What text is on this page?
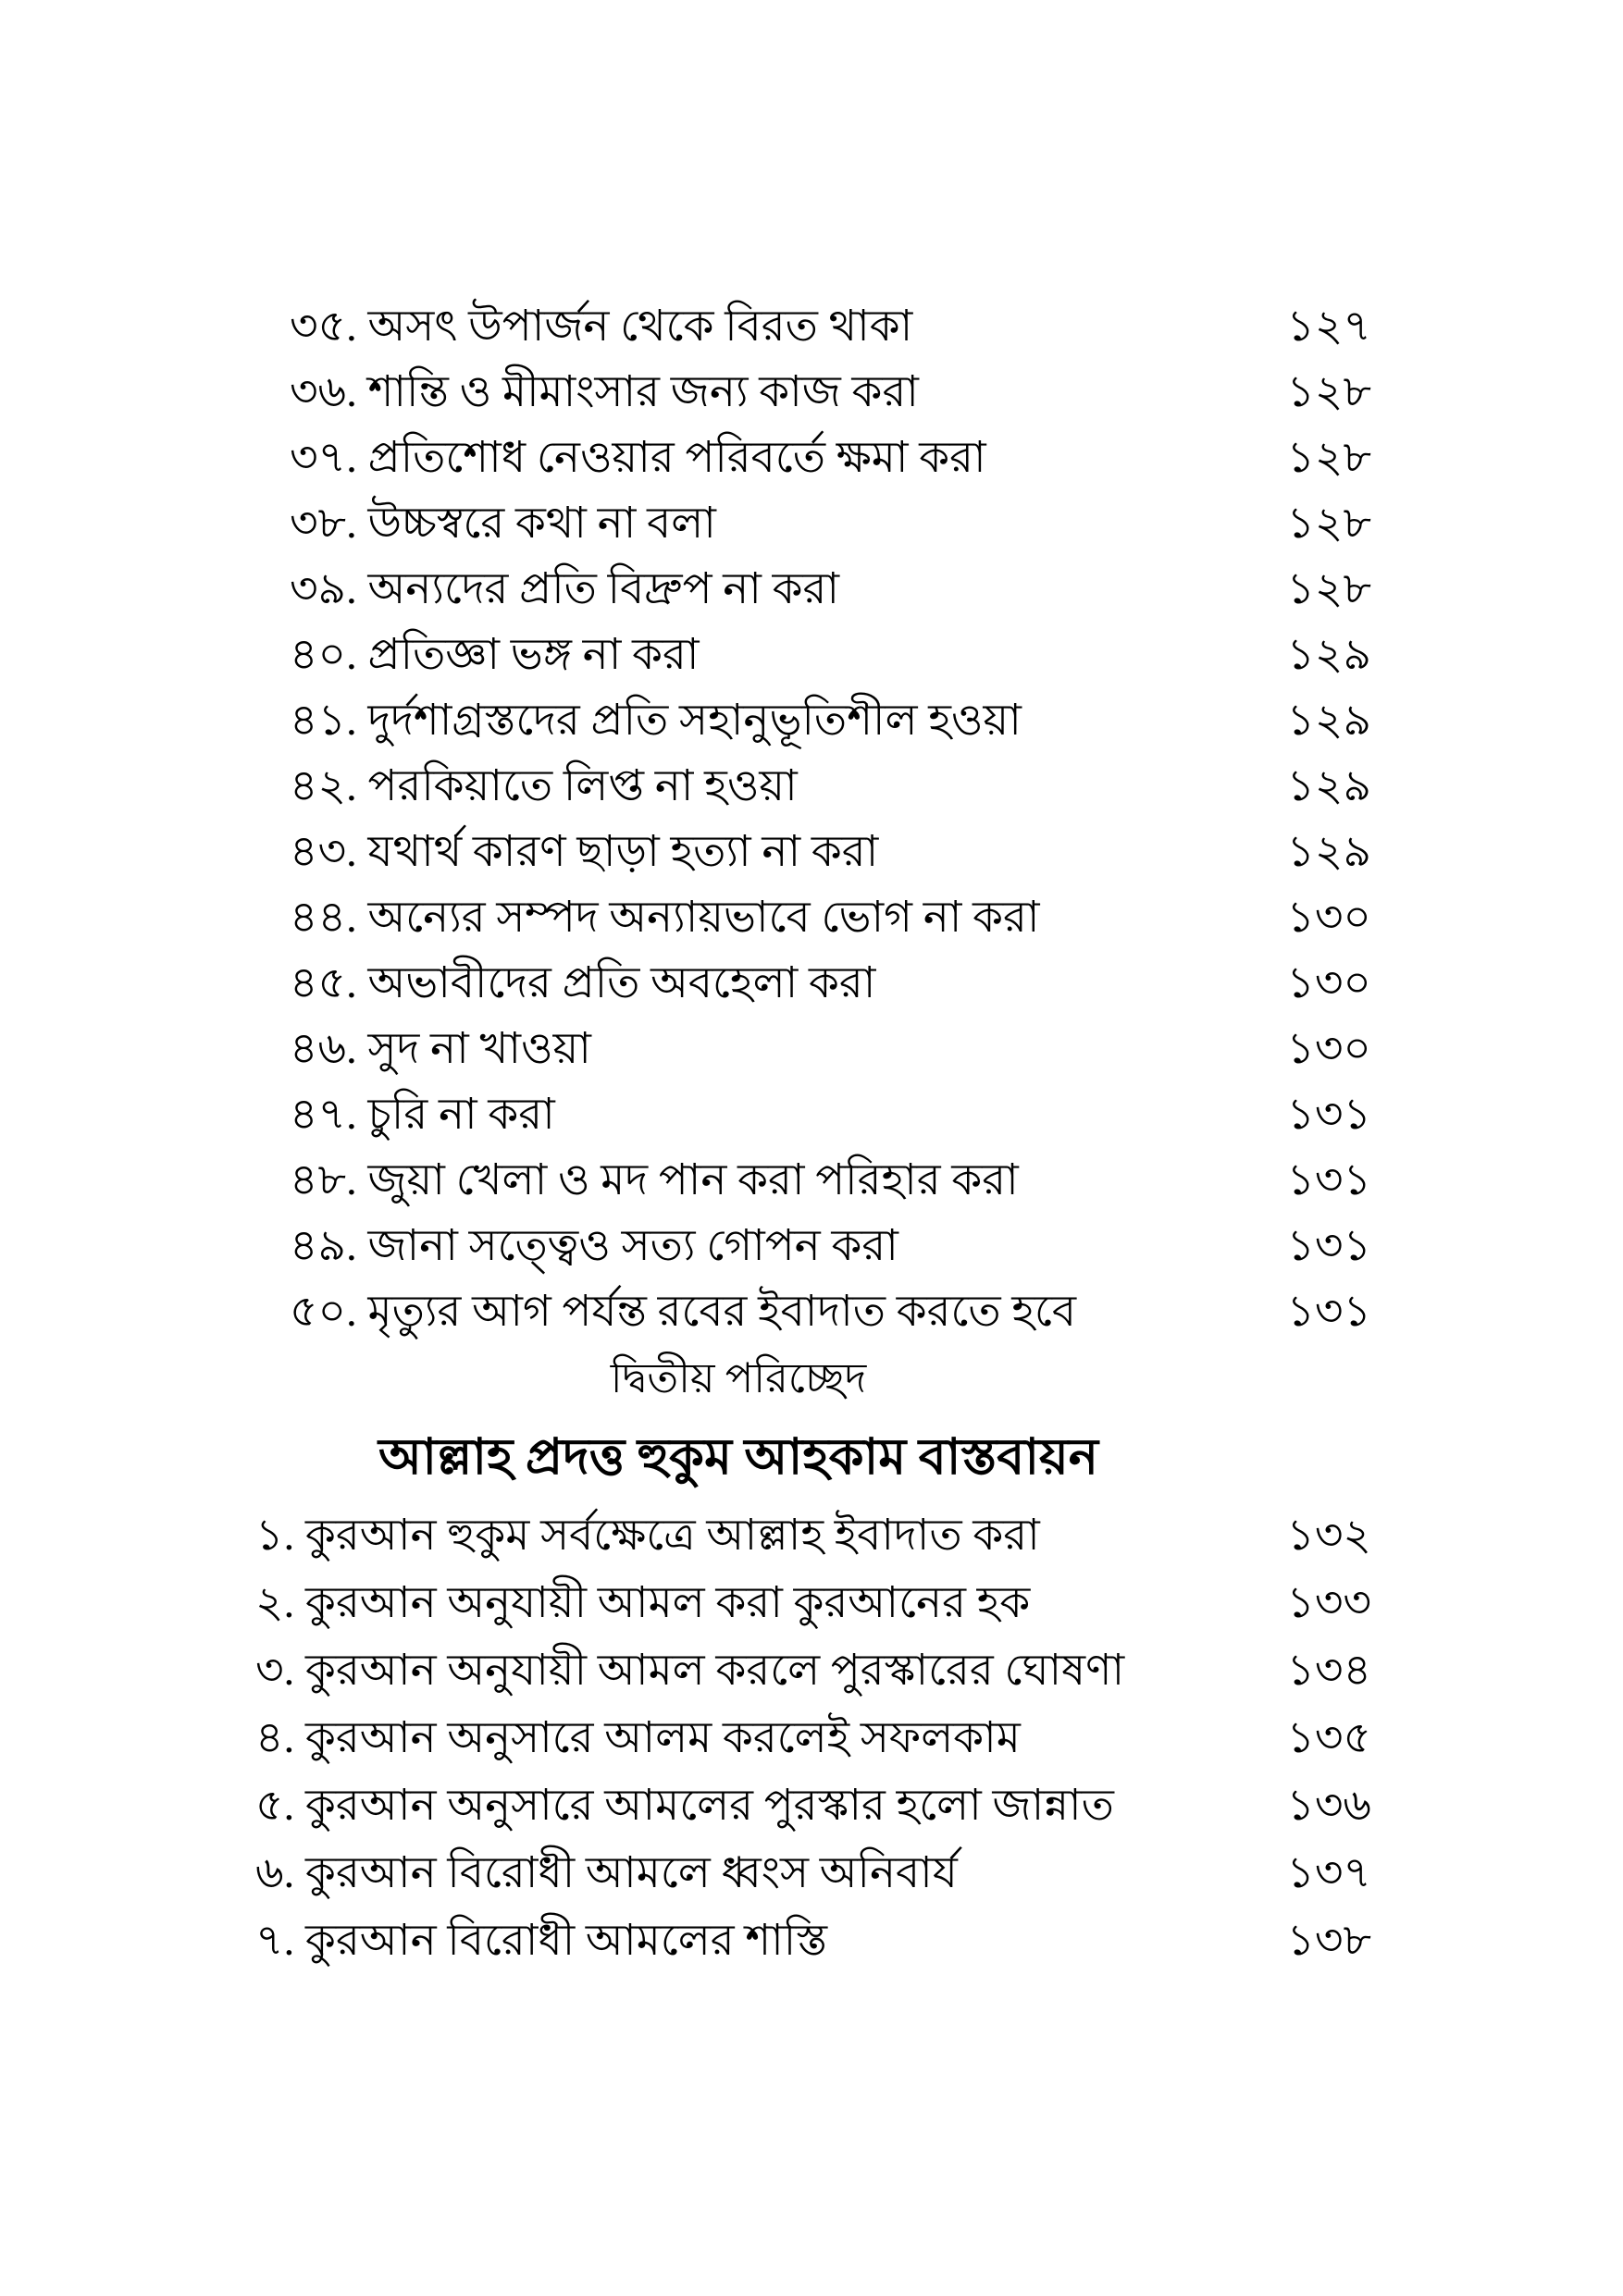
৩৫. অসৎ উপার্জন থেকে বিরত থাকা	১২৭
৩৬. শান্তি ও মীমাংসার জন্য কাজ করা	১২৮
৩৭. প্রতিশোধ নেওয়ার পরিবর্তে ক্ষমা করা	১২৮
৩৮. উচ্চস্বরে কথা না বলা	১২৮
৩৯. অন্যদের প্রতি বিদ্রুপ না করা	১২৮
৪০. প্রতিজ্ঞা ভঙ্গ না করা	১২৯
৪১. দুর্দশাগ্রস্তদের প্রতি সহানুভূতিশীল হওয়া	১২৯
৪২. পরকিয়াতে লিপ্ত না হওয়া	১২৯
৪৩. যথার্থ কারণ ছাড়া হত্যা না করা	১২৯
৪৪. অন্যের সম্পদ অন্যায়ভাবে ভোগ না করা	১৩০
৪৫. অভাবীদের প্রতি অবহেলা করা	১৩০
৪৬. সুদ না খাওয়া	১৩০
৪৭. চুরি না করা	১৩১
৪৮. জুয়া খেলা ও মদ পান করা পরিহার করা	১৩১
৪৯. জানা সত্ত্বেও সত্য গোপন করা	১৩১
৫০. মৃত্যুর আগ পর্যন্ত রবের ইবাদাত করতে হবে	১৩১
দ্বিতীয় পরিচ্ছেদ
আল্লাহ প্রদত্ত হুকুম আহকাম বাস্তবায়ন
১. কুরআন হুকুম সর্বক্ষেত্রে আল্লাহ ইবাদাত করা	১৩২
২. কুরআন অনুযায়ী আমল করা কুরআনের হক	১৩৩
৩. কুরআন অনুযায়ী আমল করলে পুরস্কারের ঘোষণা	১৩৪
৪. কুরআন অনুসারে আলম করলেই সফলকাম	১৩৫
৫. কুরআন অনুসারে আমলের পুরস্কার হলো জান্নাত	১৩৬
৬. কুরআন বিরোধী আমলে ধ্বংস অনিবার্য	১৩৭
৭. কুরআন বিরোধী আমলের শাস্তি	১৩৮
